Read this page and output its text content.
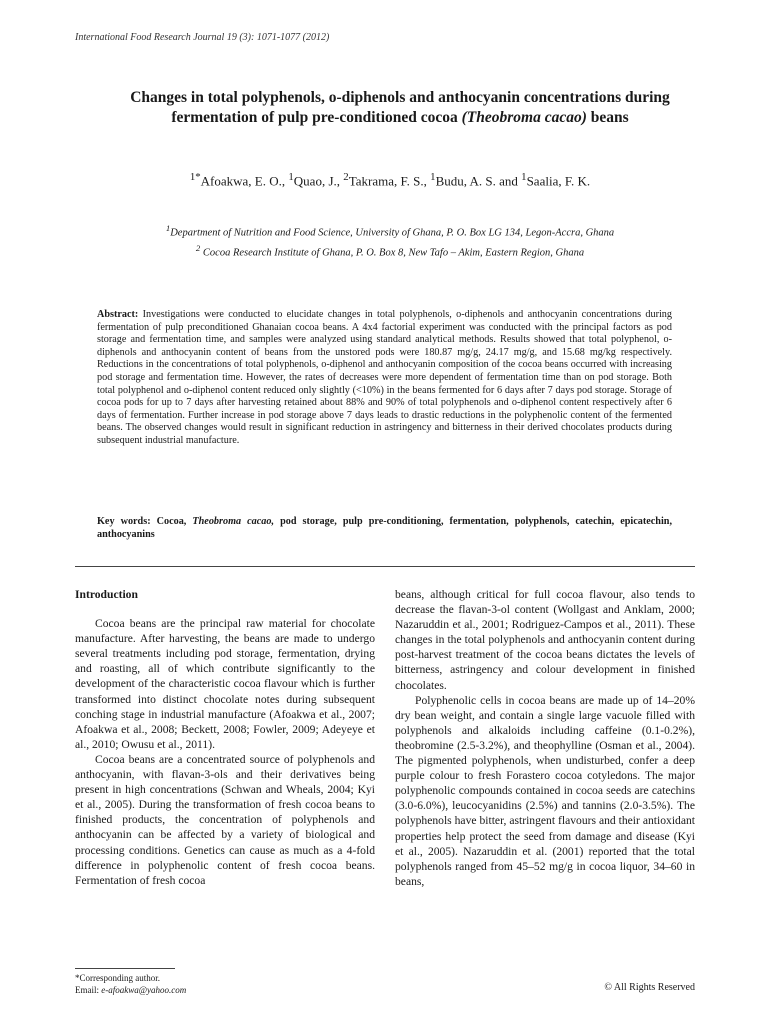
International Food Research Journal 19 (3): 1071-1077 (2012)
Changes in total polyphenols, o-diphenols and anthocyanin concentrations during fermentation of pulp pre-conditioned cocoa (Theobroma cacao) beans
$^{1*}$Afoakwa, E. O., $^1$Quao, J., $^2$Takrama, F. S., $^1$Budu, A. S. and $^1$Saalia, F. K.
$^1$Department of Nutrition and Food Science, University of Ghana, P. O. Box LG 134, Legon-Accra, Ghana
$^2$ Cocoa Research Institute of Ghana, P. O. Box 8, New Tafo – Akim, Eastern Region, Ghana
Abstract: Investigations were conducted to elucidate changes in total polyphenols, o-diphenols and anthocyanin concentrations during fermentation of pulp preconditioned Ghanaian cocoa beans. A 4x4 factorial experiment was conducted with the principal factors as pod storage and fermentation time, and samples were analyzed using standard analytical methods. Results showed that total polyphenol, o-diphenols and anthocyanin content of beans from the unstored pods were 180.87 mg/g, 24.17 mg/g, and 15.68 mg/kg respectively. Reductions in the concentrations of total polyphenols, o-diphenol and anthocyanin composition of the cocoa beans occurred with increasing pod storage and fermentation time. However, the rates of decreases were more dependent of fermentation time than on pod storage. Both total polyphenol and o-diphenol content reduced only slightly (<10%) in the beans fermented for 6 days after 7 days pod storage. Storage of cocoa pods for up to 7 days after harvesting retained about 88% and 90% of total polyphenols and o-diphenol content respectively after 6 days of fermentation. Further increase in pod storage above 7 days leads to drastic reductions in the polyphenolic content of the fermented beans. The observed changes would result in significant reduction in astringency and bitterness in their derived chocolates products during subsequent industrial manufacture.
Key words: Cocoa, Theobroma cacao, pod storage, pulp pre-conditioning, fermentation, polyphenols, catechin, epicatechin, anthocyanins

Introduction

Cocoa beans are the principal raw material for chocolate manufacture. After harvesting, the beans are made to undergo several treatments including pod storage, fermentation, drying and roasting, all of which contribute significantly to the development of the characteristic cocoa flavour which is further transformed into distinct chocolate notes during subsequent conching stage in industrial manufacture (Afoakwa et al., 2007; Afoakwa et al., 2008; Beckett, 2008; Fowler, 2009; Adeyeye et al., 2010; Owusu et al., 2011).

Cocoa beans are a concentrated source of polyphenols and anthocyanin, with flavan-3-ols and their derivatives being present in high concentrations (Schwan and Wheals, 2004; Kyi et al., 2005). During the transformation of fresh cocoa beans to finished products, the concentration of polyphenols and anthocyanin can be affected by a variety of biological and processing conditions. Genetics can cause as much as a 4-fold difference in polyphenolic content of fresh cocoa beans. Fermentation of fresh cocoa

beans, although critical for full cocoa flavour, also tends to decrease the flavan-3-ol content (Wollgast and Anklam, 2000; Nazaruddin et al., 2001; Rodriguez-Campos et al., 2011). These changes in the total polyphenols and anthocyanin content during post-harvest treatment of the cocoa beans dictates the levels of bitterness, astringency and colour development in finished chocolates.

Polyphenolic cells in cocoa beans are made up of 14–20% dry bean weight, and contain a single large vacuole filled with polyphenols and alkaloids including caffeine (0.1-0.2%), theobromine (2.5-3.2%), and theophylline (Osman et al., 2004). The pigmented polyphenols, when undisturbed, confer a deep purple colour to fresh Forastero cocoa cotyledons. The major polyphenolic compounds contained in cocoa seeds are catechins (3.0-6.0%), leucocyanidins (2.5%) and tannins (2.0-3.5%). The polyphenols have bitter, astringent flavours and their antioxidant properties help protect the seed from damage and disease (Kyi et al., 2005). Nazaruddin et al. (2001) reported that the total polyphenols ranged from 45–52 mg/g in cocoa liquor, 34–60 in beans,

*Corresponding author.
Email: e-afoakwa@yahoo.com	© All Rights Reserved
